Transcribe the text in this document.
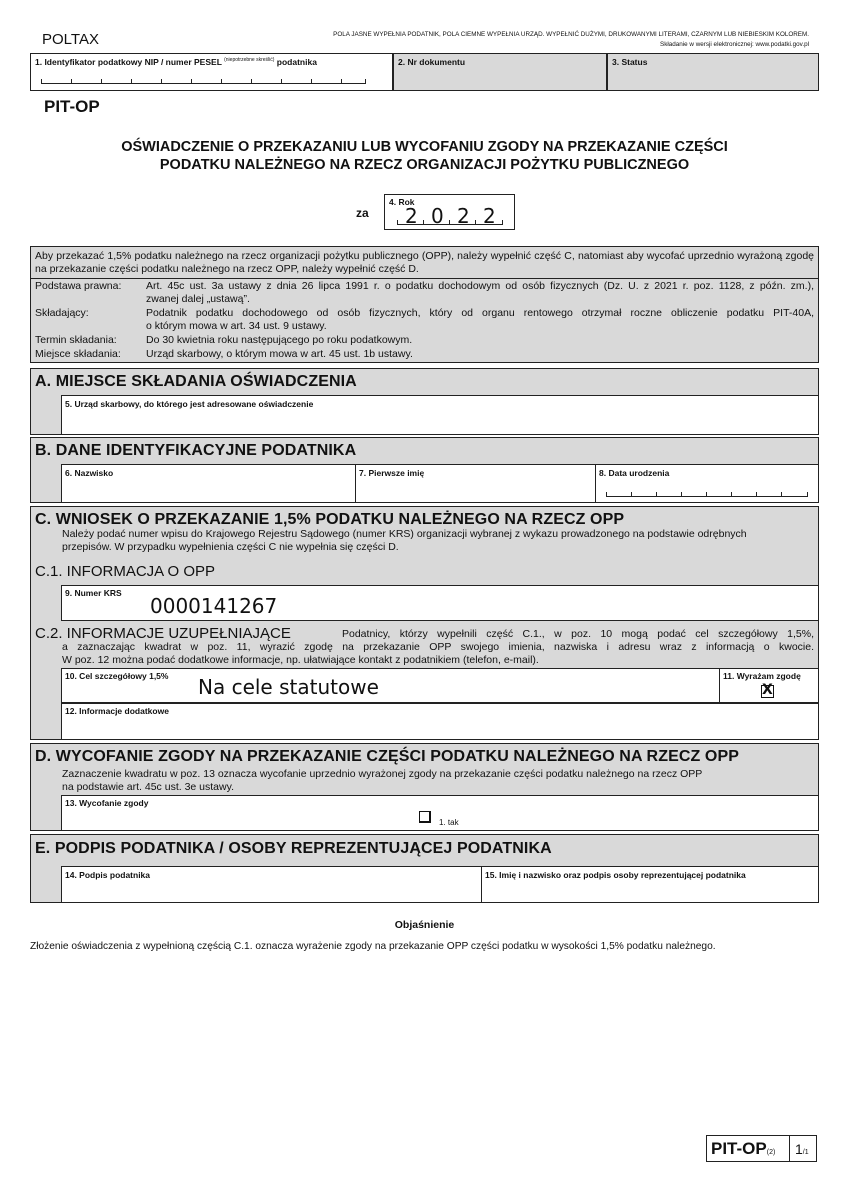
POLTAX	POLA JASNE WYPEŁNIA PODATNIK, POLA CIEMNE WYPEŁNIA URZĄD. WYPEŁNIĆ DUŻYMI, DRUKOWANYMI LITERAMI, CZARNYM LUB NIEBIESKIM KOLOREM.
Składanie w wersji elektronicznej: www.podatki.gov.pl
1. Identyfikator podatkowy NIP / numer PESEL $^{(niepotrzebne skreślić)}$ podatnika	2. Nr dokumentu	3. Status
PIT-OP
OŚWIADCZENIE O PRZEKAZANIU LUB WYCOFANIU ZGODY NA PRZEKAZANIE CZĘŚCI
PODATKU NALEŻNEGO NA RZECZ ORGANIZACJI POŻYTKU PUBLICZNEGO
za
4. Rok
2 0 2 2
Aby przekazać 1,5% podatku należnego na rzecz organizacji pożytku publicznego (OPP), należy wypełnić część C, natomiast aby wycofać uprzednio wyrażoną zgodę na przekazanie części podatku należnego na rzecz OPP, należy wypełnić część D.
Podstawa prawna: Art. 45c ust. 3a ustawy z dnia 26 lipca 1991 r. o podatku dochodowym od osób fizycznych (Dz. U. z 2021 r. poz. 1128, z późn. zm.),
zwanej dalej „ustawą”.
Składający:	Podatnik podatku dochodowego od osób fizycznych, który od organu rentowego otrzymał roczne obliczenie podatku PIT-40A,
o którym mowa w art. 34 ust. 9 ustawy.
Termin składania:	Do 30 kwietnia roku następującego po roku podatkowym.
Miejsce składania: Urząd skarbowy, o którym mowa w art. 45 ust. 1b ustawy.
A. MIEJSCE SKŁADANIA OŚWIADCZENIA
5. Urząd skarbowy, do którego jest adresowane oświadczenie
B. DANE IDENTYFIKACYJNE PODATNIKA
6. Nazwisko	7. Pierwsze imię	8. Data urodzenia
C. WNIOSEK O PRZEKAZANIE 1,5% PODATKU NALEŻNEGO NA RZECZ OPP
Należy podać numer wpisu do Krajowego Rejestru Sądowego (numer KRS) organizacji wybranej z wykazu prowadzonego na podstawie odrębnych
przepisów. W przypadku wypełnienia części C nie wypełnia się części D.
C.1. INFORMACJA O OPP
C.2. INFORMACJE UZUPEŁNIAJĄCE	Podatnicy, którzy wypełnili część C.1., w poz. 10 mogą podać cel szczegółowy 1,5%,
a zaznaczając kwadrat w poz. 11, wyrazić zgodę na przekazanie OPP swojego imienia, nazwiska i adresu wraz z informacją o kwocie.
W poz. 12 można podać dodatkowe informacje, np. ułatwiające kontakt z podatnikiem (telefon, e-mail).
9. Numer KRS
0000141267
10. Cel szczegółowy 1,5% Na cele statutowe	11. Wyrażam zgodę
X
12. Informacje dodatkowe
D. WYCOFANIE ZGODY NA PRZEKAZANIE CZĘŚCI PODATKU NALEŻNEGO NA RZECZ OPP
Zaznaczenie kwadratu w poz. 13 oznacza wycofanie uprzednio wyrażonej zgody na przekazanie części podatku należnego na rzecz OPP
na podstawie art. 45c ust. 3e ustawy.
13. Wycofanie zgody
1. tak
E. PODPIS PODATNIKA / OSOBY REPREZENTUJĄCEJ PODATNIKA
14. Podpis podatnika	15. Imię i nazwisko oraz podpis osoby reprezentującej podatnika
Objaśnienie
Złożenie oświadczenia z wypełnioną częścią C.1. oznacza wyrażenie zgody na przekazanie OPP części podatku w wysokości 1,5% podatku należnego.
PIT-OP(2) 1/1
